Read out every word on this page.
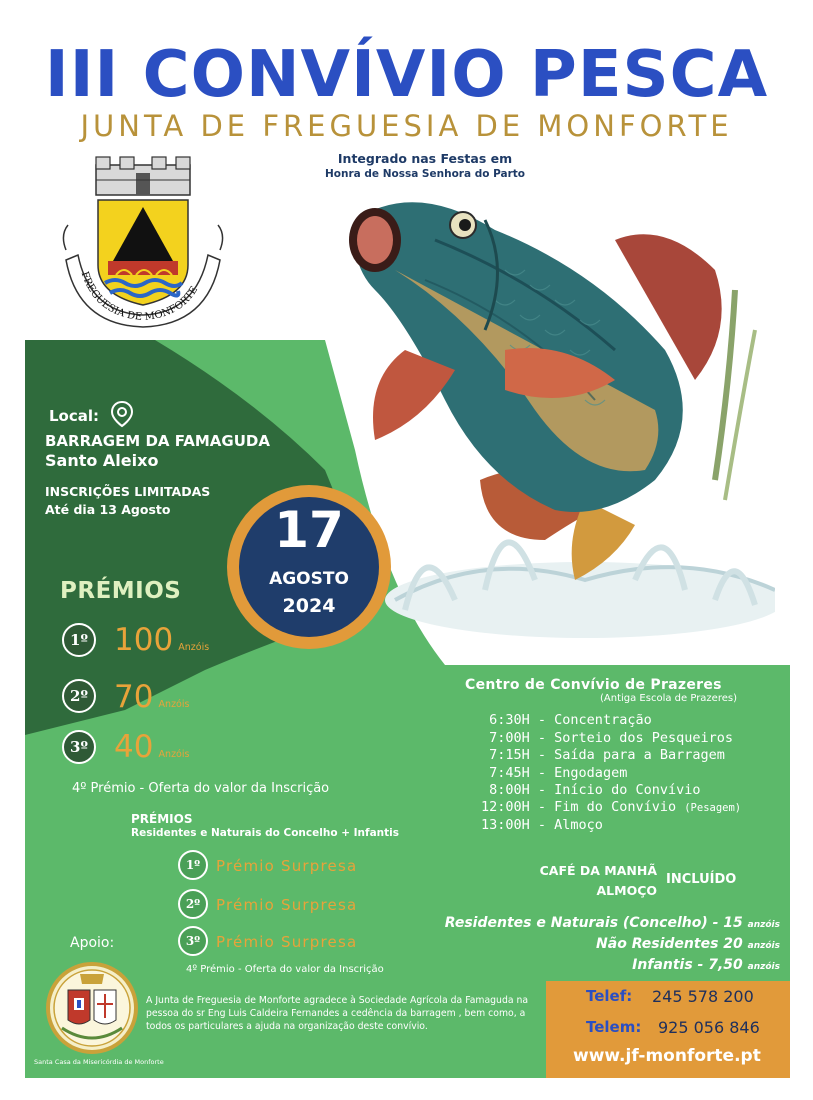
III CONVÍVIO PESCA
JUNTA DE FREGUESIA DE MONFORTE
Integrado nas Festas em
Honra de Nossa Senhora do Parto
FREGUESIA DE MONFORTE
Local:
BARRAGEM DA FAMAGUDA
Santo Aleixo
INSCRIÇÕES LIMITADAS
Até dia 13 Agosto	17
AGOSTO
2024
PRÉMIOS
1º 100 Anzóis
2º 70 Anzóis
3º 40 Anzóis
4º Prémio - Oferta do valor da Inscrição
PRÉMIOS
Residentes e Naturais do Concelho + Infantis
1º	Prémio Surpresa
2º	Prémio Surpresa
3º	Prémio Surpresa
4º Prémio - Oferta do valor da Inscrição
Centro de Convívio de Prazeres
(Antiga Escola de Prazeres)
6:30H - Concentração
7:00H - Sorteio dos Pesqueiros
7:15H - Saída para a Barragem
7:45H - Engodagem
8:00H - Início do Convívio
12:00H - Fim do Convívio (Pesagem)
13:00H - Almoço
CAFÉ DA MANHÃ
ALMOÇO
INCLUÍDO
Residentes e Naturais (Concelho) - 15 anzóis
Não Residentes 20 anzóis
Infantis - 7,50 anzóis
Apoio:
Santa Casa da Misericórdia de Monforte
A Junta de Freguesia de Monforte agradece à Sociedade Agrícola da Famaguda na pessoa do sr Eng Luis Caldeira Fernandes a cedência da barragem , bem como, a todos os particulares a ajuda na organização deste convívio.
Telef: 245 578 200
Telem: 925 056 846
www.jf-monforte.pt
